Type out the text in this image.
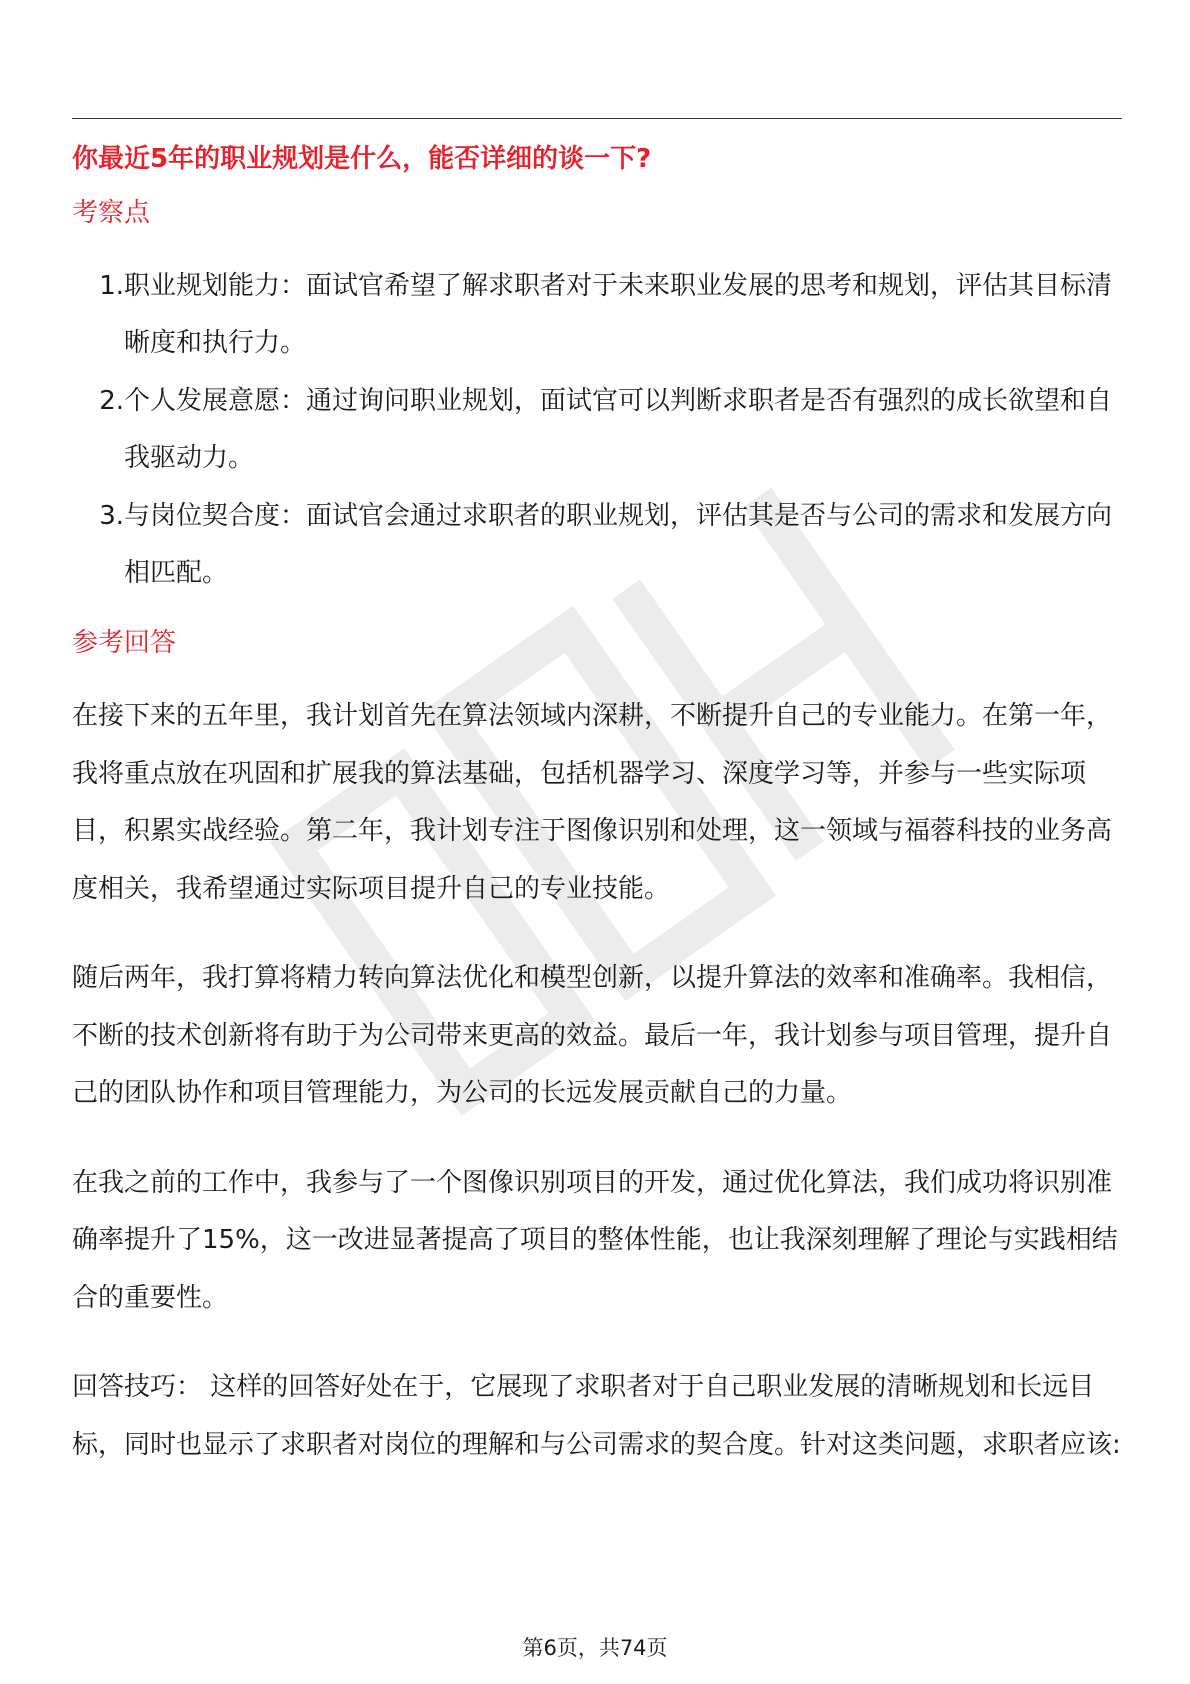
你最近5年的职业规划是什么，能否详细的谈一下?
考察点
1. 职业规划能力：面试官希望了解求职者对于未来职业发展的思考和规划，评估其目标清晰度和执行力。
2. 个人发展意愿：通过询问职业规划，面试官可以判断求职者是否有强烈的成长欲望和自我驱动力。
3. 与岗位契合度：面试官会通过求职者的职业规划，评估其是否与公司的需求和发展方向相匹配。
参考回答

在接下来的五年里，我计划首先在算法领域内深耕，不断提升自己的专业能力。在第一年，我将重点放在巩固和扩展我的算法基础，包括机器学习、深度学习等，并参与一些实际项目，积累实战经验。第二年，我计划专注于图像识别和处理，这一领域与福蓉科技的业务高度相关，我希望通过实际项目提升自己的专业技能。

随后两年，我打算将精力转向算法优化和模型创新，以提升算法的效率和准确率。我相信，不断的技术创新将有助于为公司带来更高的效益。最后一年，我计划参与项目管理，提升自己的团队协作和项目管理能力，为公司的长远发展贡献自己的力量。

在我之前的工作中，我参与了一个图像识别项目的开发，通过优化算法，我们成功将识别准确率提升了15%，这一改进显著提高了项目的整体性能，也让我深刻理解了理论与实践相结合的重要性。

回答技巧： 这样的回答好处在于，它展现了求职者对于自己职业发展的清晰规划和长远目标，同时也显示了求职者对岗位的理解和与公司需求的契合度。针对这类问题，求职者应该:

第6页，共74页
